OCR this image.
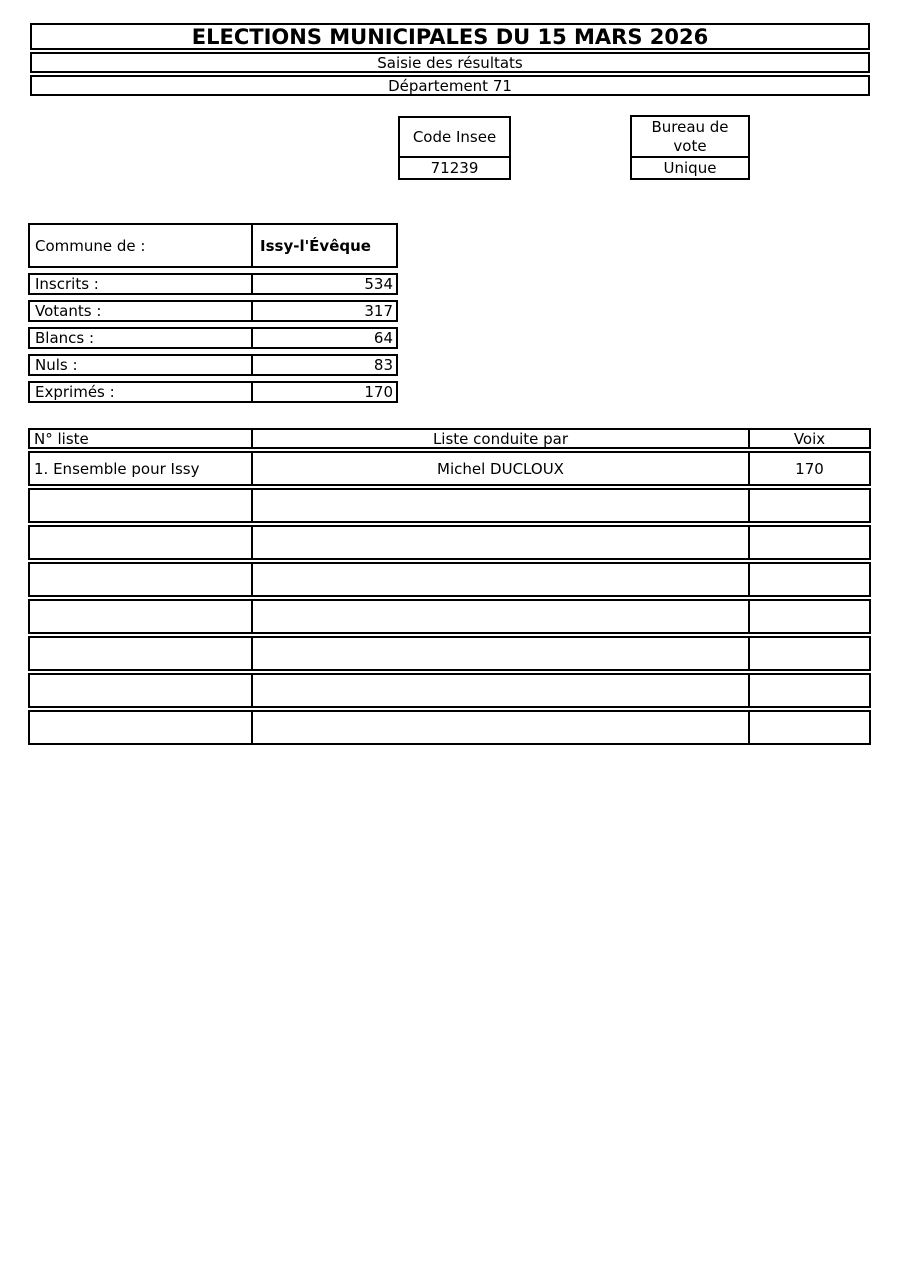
ELECTIONS MUNICIPALES DU 15 MARS 2026
Saisie des résultats
Département 71
Code Insee
71239
Bureau de vote
Unique
Commune de :	Issy-l'Évêque
Inscrits :	534
Votants :	317
Blancs :	64
Nuls :	83
Exprimés :	170
N° liste	Liste conduite par	Voix
1. Ensemble pour Issy	Michel DUCLOUX	170
